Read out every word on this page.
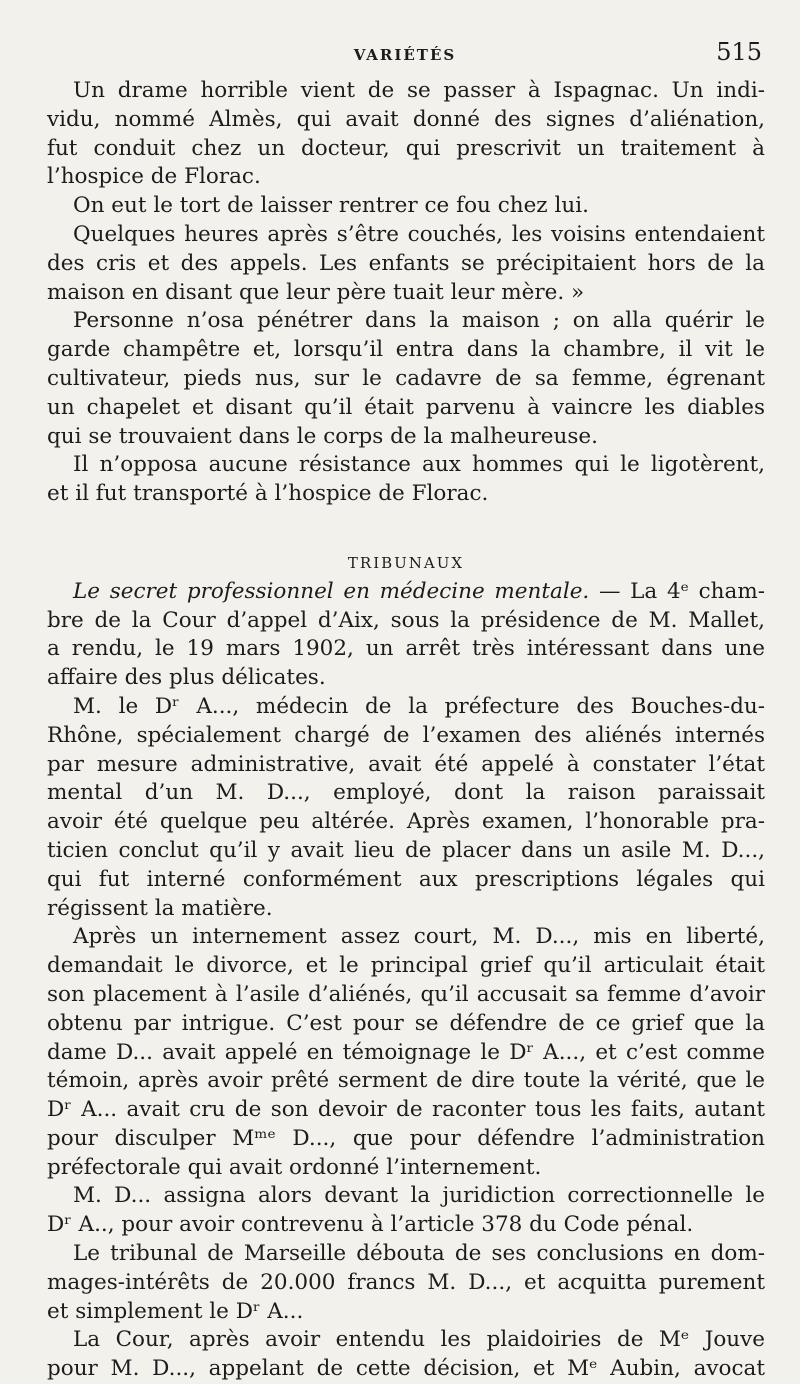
VARIÉTÉS	515
Un drame horrible vient de se passer à Ispagnac. Un indi-
vidu, nommé Almès, qui avait donné des signes d’aliénation,
fut conduit chez un docteur, qui prescrivit un traitement à
l’hospice de Florac.
On eut le tort de laisser rentrer ce fou chez lui.
Quelques heures après s’être couchés, les voisins entendaient
des cris et des appels. Les enfants se précipitaient hors de la
maison en disant que leur père tuait leur mère. »
Personne n’osa pénétrer dans la maison ; on alla quérir le
garde champêtre et, lorsqu’il entra dans la chambre, il vit le
cultivateur, pieds nus, sur le cadavre de sa femme, égrenant
un chapelet et disant qu’il était parvenu à vaincre les diables
qui se trouvaient dans le corps de la malheureuse.
Il n’opposa aucune résistance aux hommes qui le ligotèrent,
et il fut transporté à l’hospice de Florac.
TRIBUNAUX
Le secret professionnel en médecine mentale. — La 4ᵉ cham-
bre de la Cour d’appel d’Aix, sous la présidence de M. Mallet,
a rendu, le 19 mars 1902, un arrêt très intéressant dans une
affaire des plus délicates.
M. le Dʳ A..., médecin de la préfecture des Bouches-du-
Rhône, spécialement chargé de l’examen des aliénés internés
par mesure administrative, avait été appelé à constater l’état
mental d’un M. D..., employé, dont la raison paraissait
avoir été quelque peu altérée. Après examen, l’honorable pra-
ticien conclut qu’il y avait lieu de placer dans un asile M. D...,
qui fut interné conformément aux prescriptions légales qui
régissent la matière.
Après un internement assez court, M. D..., mis en liberté,
demandait le divorce, et le principal grief qu’il articulait était
son placement à l’asile d’aliénés, qu’il accusait sa femme d’avoir
obtenu par intrigue. C’est pour se défendre de ce grief que la
dame D... avait appelé en témoignage le Dʳ A..., et c’est comme
témoin, après avoir prêté serment de dire toute la vérité, que le
Dʳ A... avait cru de son devoir de raconter tous les faits, autant
pour disculper Mᵐᵉ D..., que pour défendre l’administration
préfectorale qui avait ordonné l’internement.
M. D... assigna alors devant la juridiction correctionnelle le
Dʳ A.., pour avoir contrevenu à l’article 378 du Code pénal.
Le tribunal de Marseille débouta de ses conclusions en dom-
mages-intérêts de 20.000 francs M. D..., et acquitta purement
et simplement le Dʳ A...
La Cour, après avoir entendu les plaidoiries de Mᵉ Jouve
pour M. D..., appelant de cette décision, et Mᵉ Aubin, avocat
